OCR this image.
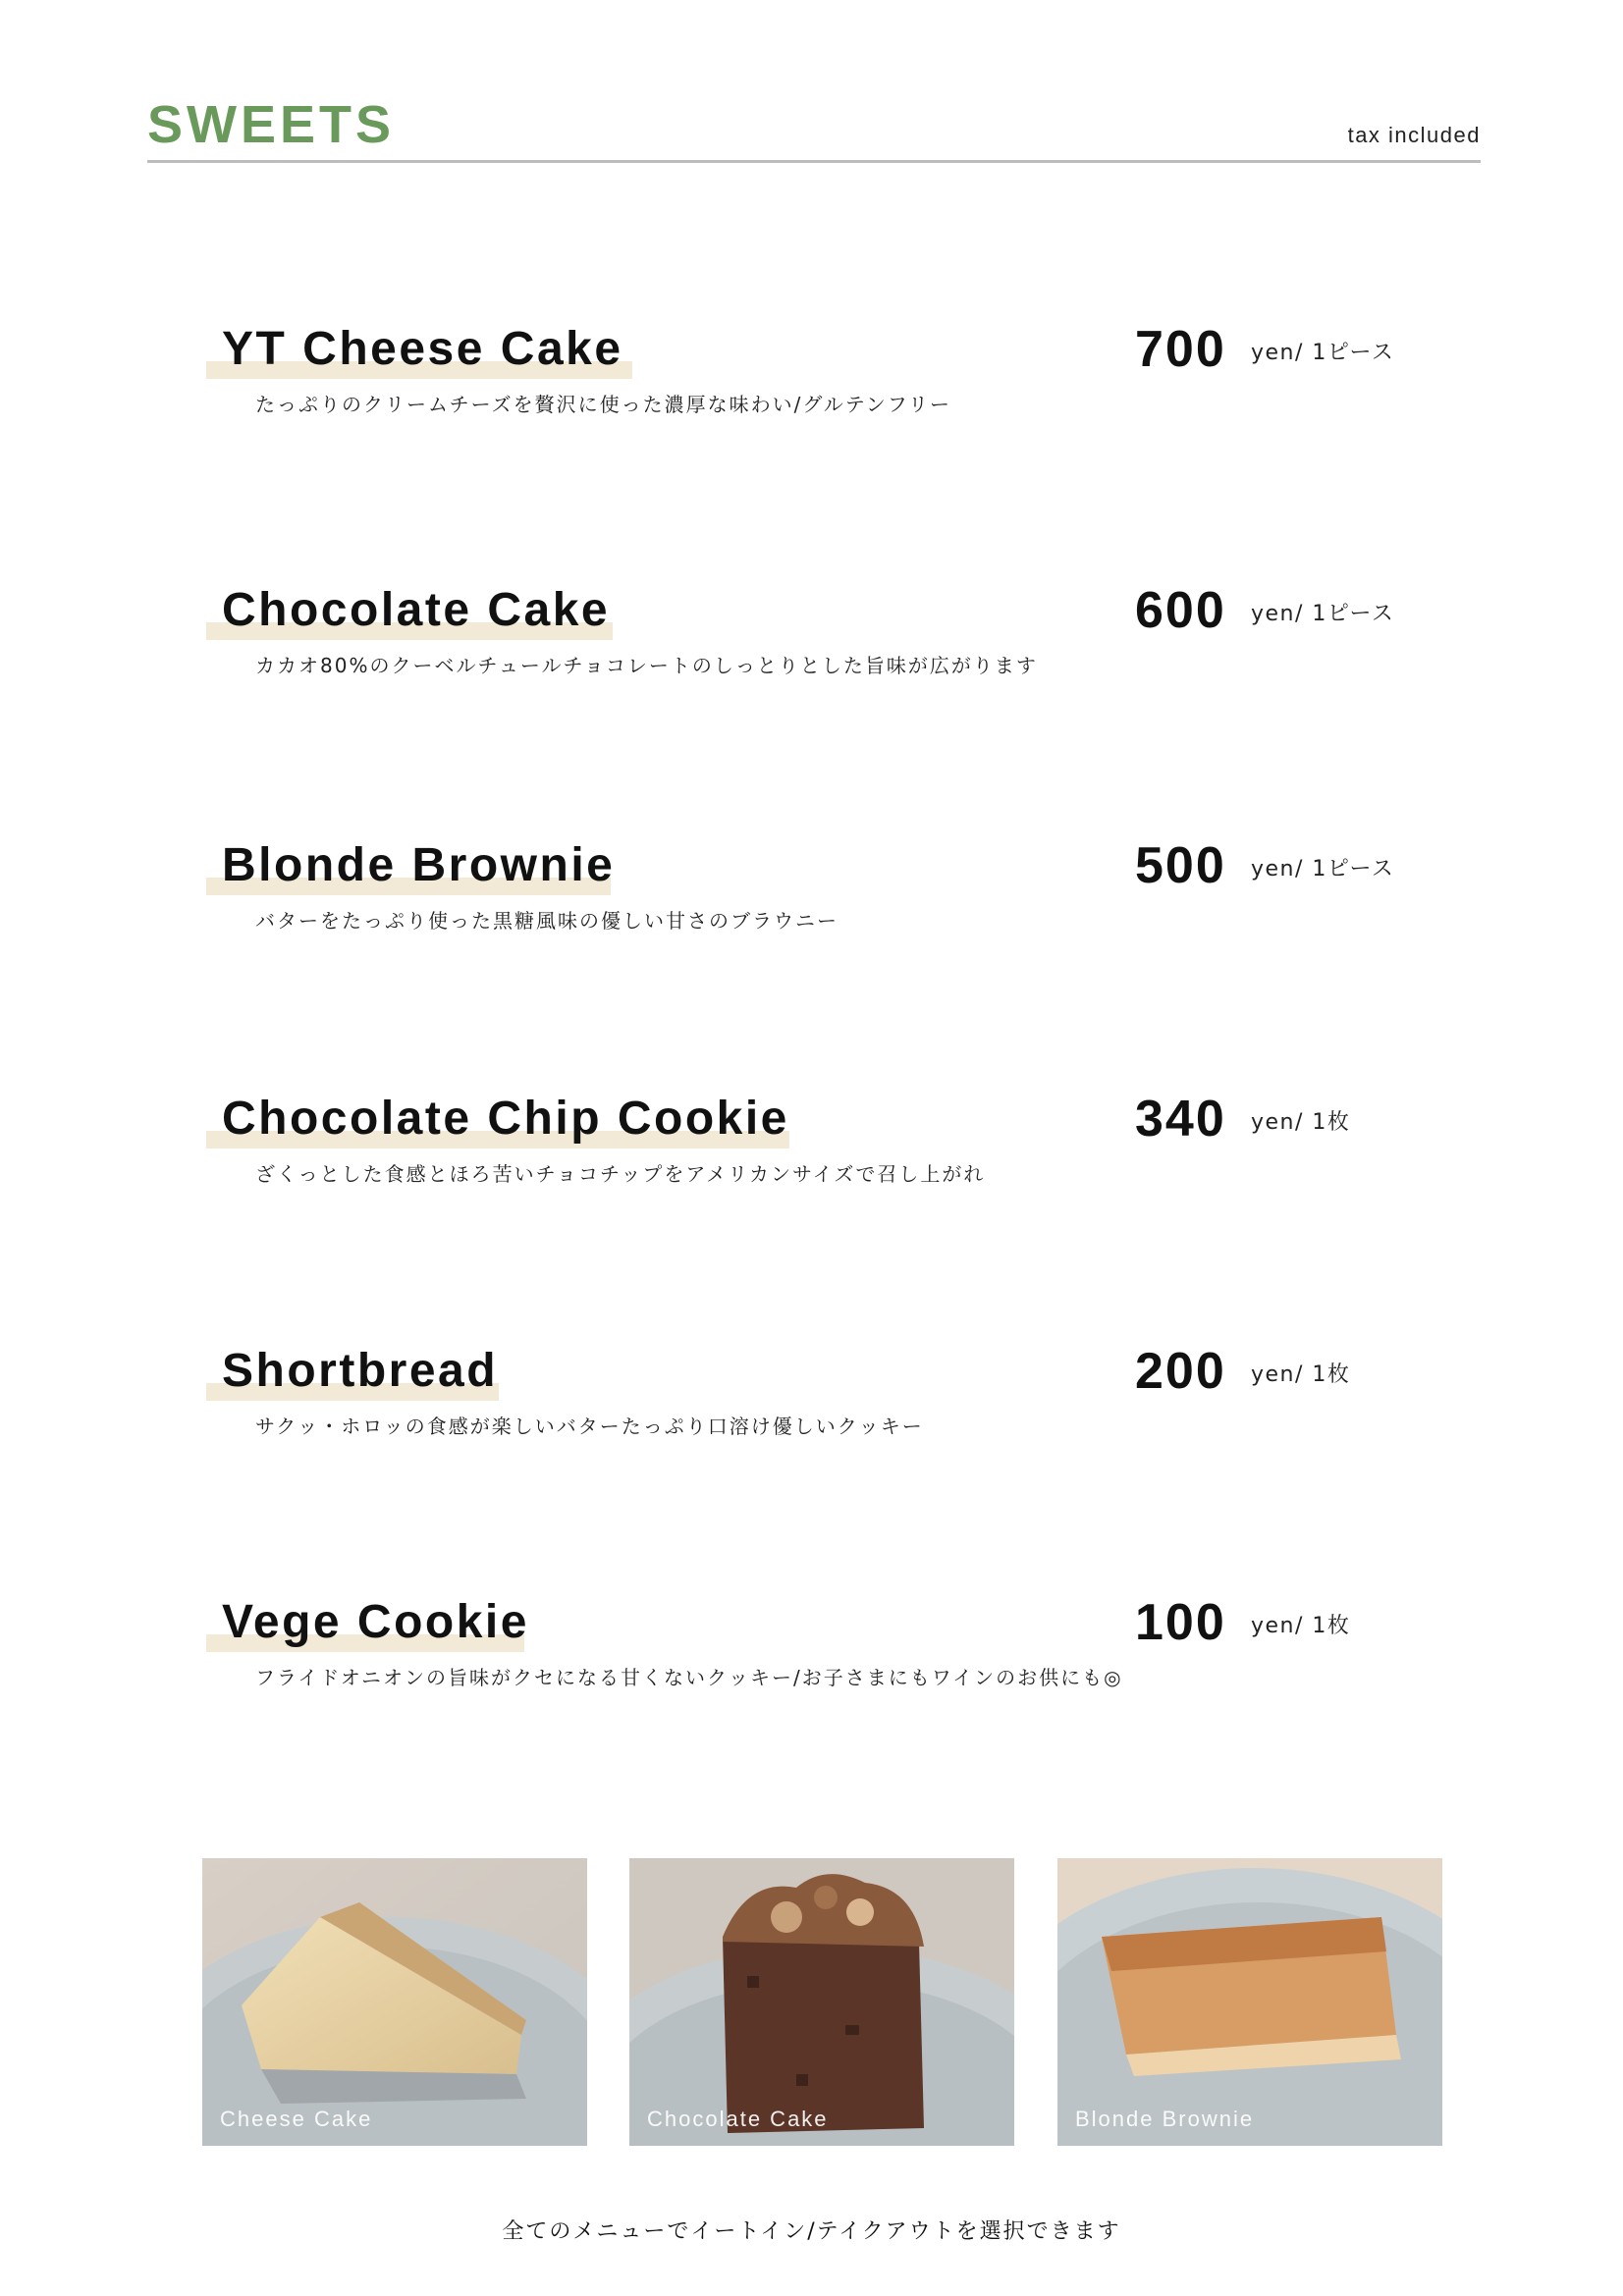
SWEETS	tax included
YT Cheese Cake
たっぷりのクリームチーズを贅沢に使った濃厚な味わい/グルテンフリー
700 yen/ 1ピース
Chocolate Cake
カカオ80%のクーベルチュールチョコレートのしっとりとした旨味が広がります
600 yen/ 1ピース
Blonde Brownie
バターをたっぷり使った黒糖風味の優しい甘さのブラウニー
500 yen/ 1ピース
Chocolate Chip Cookie
ざくっとした食感とほろ苦いチョコチップをアメリカンサイズで召し上がれ
340 yen/ 1枚
Shortbread
サクッ・ホロッの食感が楽しいバターたっぷり口溶け優しいクッキー
200 yen/ 1枚
Vege Cookie
フライドオニオンの旨味がクセになる甘くないクッキー/お子さまにもワインのお供にも◎
100 yen/ 1枚
Cheese Cake	Chocolate Cake	Blonde Brownie
全てのメニューでイートイン/テイクアウトを選択できます
